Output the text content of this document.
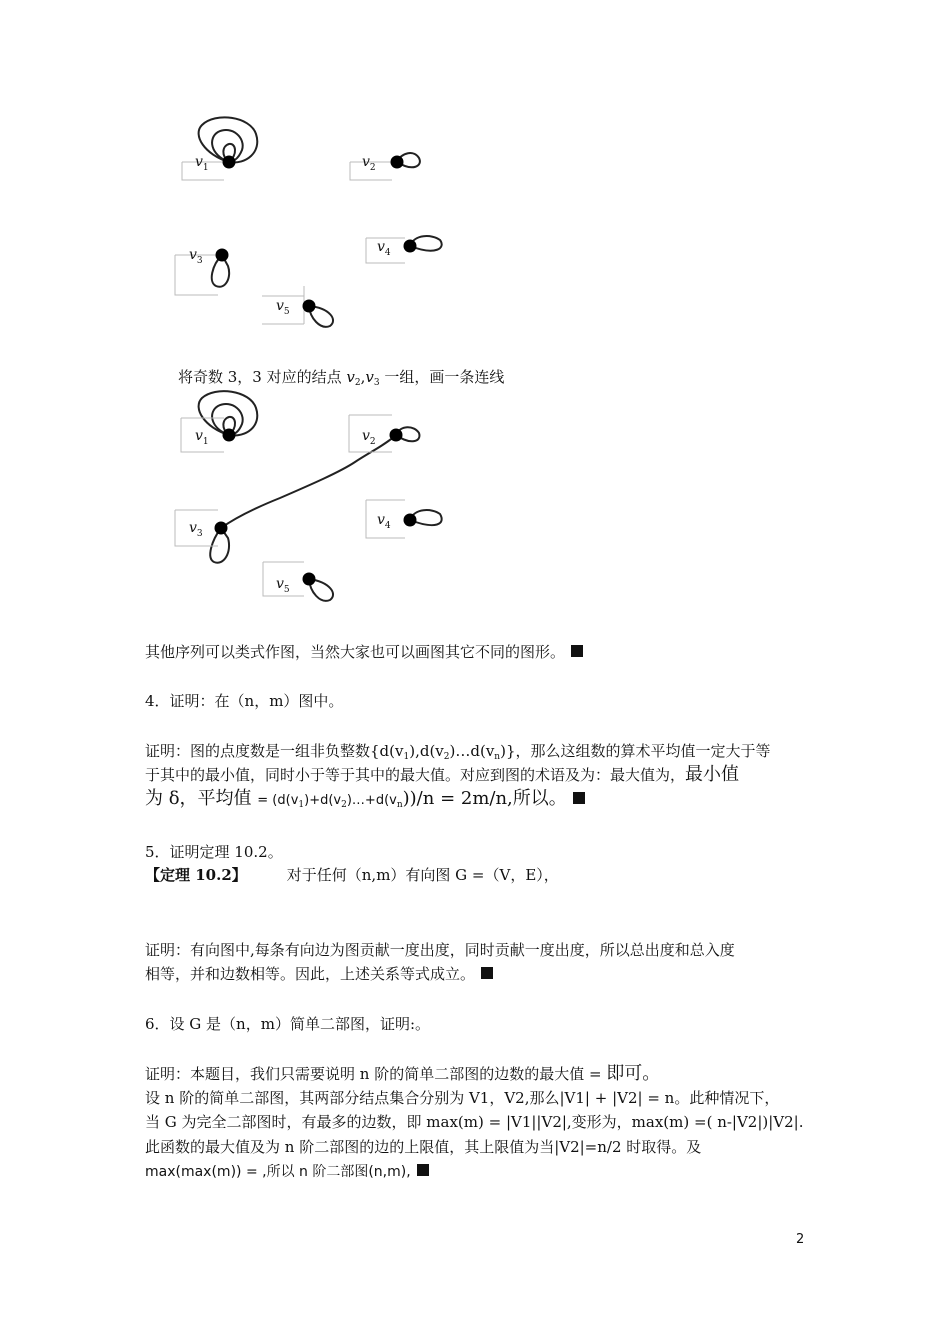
$v_1$	$v_2$
$v_3$
$v_4$
$v_5$
将奇数 3，3 对应的结点 $v_2,v_3$ 一组，画一条连线
$v_1$	$v_2$
$v_3$
$v_4$
$v_5$
其他序列可以类式作图，当然大家也可以画图其它不同的图形。
4．证明：在（n，m）图中。
证明：图的点度数是一组非负整数$\{d(v_1),d(v_2)\dots d(v_n)\}$，那么这组数的算术平均值一定大于等
于其中的最小值，同时小于等于其中的最大值。对应到图的术语及为：最大值为，最小值
为 δ，平均值 = $(d(v_1)+d(v_2)\dots+d(v_n))/n = 2m/n$,所以。
5．证明定理 10.2。
【定理 10.2】	对于任何（n,m）有向图 G =（V，E），
证明：有向图中,每条有向边为图贡献一度出度，同时贡献一度出度，所以总出度和总入度
相等，并和边数相等。因此，上述关系等式成立。
6．设 G 是（n，m）简单二部图，证明:。
证明：本题目，我们只需要说明 n 阶的简单二部图的边数的最大值 = 即可。
设 n 阶的简单二部图，其两部分结点集合分别为 V1，V2,那么|V1| + |V2| = n。此种情况下，
当 G 为完全二部图时，有最多的边数，即 max(m) = |V1||V2|,变形为，max(m) =( n-|V2|)|V2|.
此函数的最大值及为 n 阶二部图的边的上限值，其上限值为当|V2|=n/2 时取得。及
max(max(m)) = ,所以 n 阶二部图(n,m),
2
